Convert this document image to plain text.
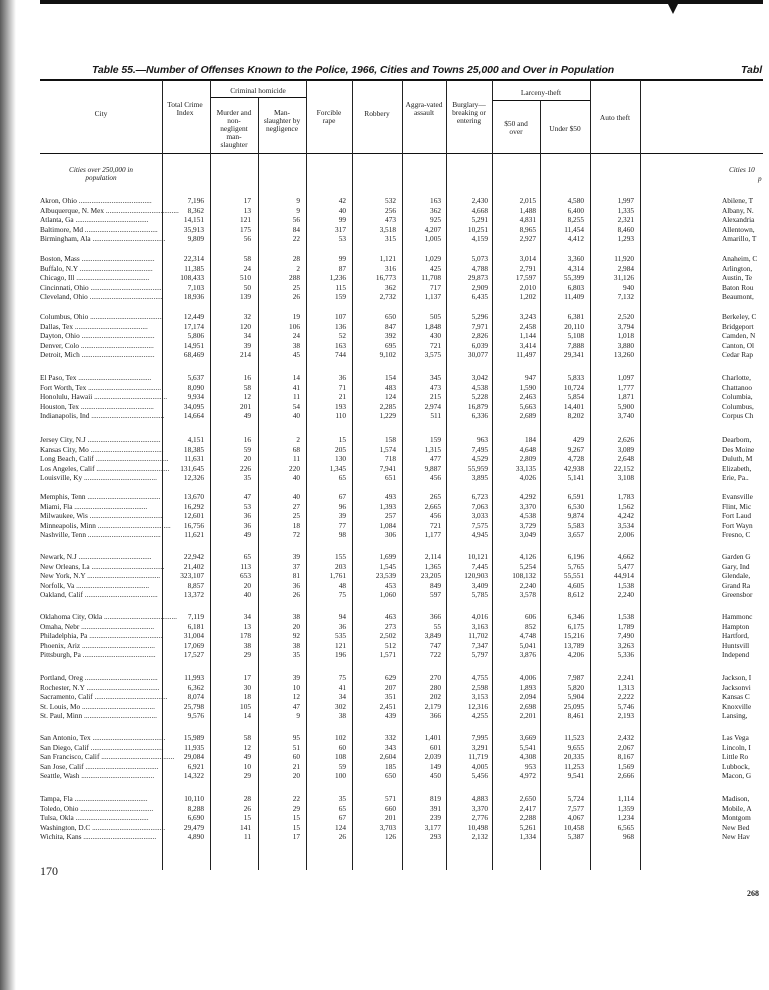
Table 55.—Number of Offenses Known to the Police, 1966, Cities and Towns 25,000 and Over in Population	Tabl
City
Total Crime Index
Criminal homicide
Murder and non-negligent man-slaughter
Man-slaughter by negligence
Forcible rape
Robbery
Aggra-vated assault
Burglary—breaking or entering
Larceny-theft
$50 and over	Under $50
Auto theft
Cities over 250,000 in population
Cities 10
p
Akron, Ohio ........................................	7,196	17	9	42	532	163	2,430	2,015	4,580	1,997
Albuquerque, N. Mex ........................................ 8,362	13	9	40	256	362	4,668	1,488	6,400	1,335
Atlanta, Ga ........................................	14,151	121	56	99	473	925	5,291	4,831	8,255	2,321
Baltimore, Md ........................................	35,913	175	84	317	3,518	4,207	10,251	8,965	11,454	8,460
Birmingham, Ala ........................................	9,809	56	22	53	315	1,005	4,159	2,927	4,412	1,293
Boston, Mass ........................................	22,314	58	28	99	1,121	1,029	5,073	3,014	3,360	11,920
Buffalo, N.Y ........................................	11,385	24	2	87	316	425	4,788	2,791	4,314	2,984
Chicago, Ill ........................................	108,433	510	288	1,236	16,773	11,708	29,873	17,597	55,399	31,126
Cincinnati, Ohio ........................................	7,103	50	25	115	362	717	2,909	2,010	6,803	940
Cleveland, Ohio ........................................	18,936	139	26	159	2,732	1,137	6,435	1,202	11,409	7,132
Columbus, Ohio ........................................	12,449	32	19	107	650	505	5,296	3,243	6,381	2,520
Dallas, Tex ........................................	17,174	120	106	136	847	1,848	7,971	2,458	20,110	3,794
Dayton, Ohio ........................................	5,806	34	24	52	392	430	2,826	1,144	5,108	1,018
Denver, Colo ........................................	14,951	39	38	163	695	721	6,039	3,414	7,888	3,880
Detroit, Mich ........................................	68,469	214	45	744	9,102	3,575	30,077	11,497	29,341	13,260
El Paso, Tex ........................................	5,637	16	14	36	154	345	3,042	947	5,833	1,097
Fort Worth, Tex ........................................	8,090	58	41	71	483	473	4,538	1,590	10,724	1,777
Honolulu, Hawaii ........................................	9,934	12	11	21	124	215	5,228	2,463	5,854	1,871
Houston, Tex ........................................	34,095	201	54	193	2,285	2,974	16,879	5,663	14,401	5,900
Indianapolis, Ind ........................................	14,664	49	40	110	1,229	511	6,336	2,689	8,202	3,740
Jersey City, N.J ........................................	4,151	16	2	15	158	159	963	184	429	2,626
Kansas City, Mo ........................................	18,385	59	68	205	1,574	1,315	7,495	4,648	9,267	3,089
Long Beach, Calif ........................................ 11,631	20	11	130	718	477	4,529	2,809	4,728	2,648
Los Angeles, Calif ........................................ 131,645	226	220	1,345	7,941	9,887	55,959	33,135	42,938	22,152
Louisville, Ky ........................................	12,326	35	40	65	651	456	3,895	4,026	5,141	3,108
Memphis, Tenn ........................................	13,670	47	40	67	493	265	6,723	4,292	6,591	1,783
Miami, Fla ........................................	16,292	53	27	96	1,393	2,665	7,063	3,370	6,530	1,562
Milwaukee, Wis ........................................	12,601	36	25	39	257	456	3,033	4,538	9,874	4,242
Minneapolis, Minn ........................................ 16,756	36	18	77	1,084	721	7,575	3,729	5,583	3,534
Nashville, Tenn ........................................	11,621	49	72	98	306	1,177	4,945	3,049	3,657	2,006
Newark, N.J ........................................	22,942	65	39	155	1,699	2,114	10,121	4,126	6,196	4,662
New Orleans, La ........................................	21,402	113	37	203	1,545	1,365	7,445	5,254	5,765	5,477
New York, N.Y ........................................	323,107	653	81	1,761	23,539	23,205	120,903	108,132	55,551	44,914
Norfolk, Va ........................................	8,857	20	36	48	453	849	3,409	2,240	4,605	1,538
Oakland, Calif ........................................	13,372	40	26	75	1,060	597	5,785	3,578	8,612	2,240
Oklahoma City, Okla ........................................ 7,119	34	38	94	463	366	4,016	606	6,346	1,538
Omaha, Nebr ........................................	6,181	13	20	36	273	55	3,163	852	6,175	1,789
Philadelphia, Pa ........................................	31,004	178	92	535	2,502	3,849	11,702	4,748	15,216	7,490
Phoenix, Ariz ........................................	17,069	38	38	121	512	747	7,347	5,041	13,789	3,263
Pittsburgh, Pa ........................................	17,527	29	35	196	1,571	722	5,797	3,876	4,206	5,336
Portland, Oreg ........................................	11,993	17	39	75	629	270	4,755	4,006	7,987	2,241
Rochester, N.Y ........................................	6,362	30	10	41	207	280	2,598	1,893	5,820	1,313
Sacramento, Calif ........................................	8,074	18	12	34	351	202	3,153	2,094	5,904	2,222
St. Louis, Mo ........................................	25,798	105	47	302	2,451	2,179	12,316	2,698	25,095	5,746
St. Paul, Minn ........................................	9,576	14	9	38	439	366	4,255	2,201	8,461	2,193
San Antonio, Tex ........................................	15,989	58	95	102	332	1,401	7,995	3,669	11,523	2,432
San Diego, Calif ........................................	11,935	12	51	60	343	601	3,291	5,541	9,655	2,067
San Francisco, Calif ........................................ 29,084	49	60	108	2,604	2,039	11,719	4,308	20,335	8,167
San Jose, Calif ........................................	6,921	10	21	59	185	149	4,005	953	11,253	1,569
Seattle, Wash ........................................	14,322	29	20	100	650	450	5,456	4,972	9,541	2,666
Tampa, Fla ........................................	10,110	28	22	35	571	819	4,883	2,650	5,724	1,114
Toledo, Ohio ........................................	8,288	26	29	65	660	391	3,370	2,417	7,577	1,359
Tulsa, Okla ........................................	6,690	15	15	67	201	239	2,776	2,288	4,067	1,234
Washington, D.C ........................................	29,479	141	15	124	3,703	3,177	10,498	5,261	10,458	6,565
Wichita, Kans ........................................	4,890	11	17	26	126	293	2,132	1,334	5,387	968
Abilene, T
Albany, N.
Alexandria
Allentown,
Amarillo, T
Anaheim, C
Arlington,
Austin, Te
Baton Rou
Beaumont,
Berkeley, C
Bridgeport
Camden, N
Canton, Ol
Cedar Rap
Charlotte,
Chattanoo
Columbia,
Columbus,
Corpus Ch
Dearborn,
Des Moine
Duluth, M
Elizabeth,
Erie, Pa..
Evansville
Flint, Mic
Fort Laud
Fort Wayn
Fresno, C
Garden G
Gary, Ind
Glendale,
Grand Ra
Greensbor
Hammonc
Hampton
Hartford,
Huntsvill
Independ
Jackson, I
Jacksonvi
Kansas C
Knoxville
Lansing,
Las Vega
Lincoln, I
Little Ro
Lubbock,
Macon, G
Madison,
Mobile, A
Montgom
New Bed
New Hav
170
268
